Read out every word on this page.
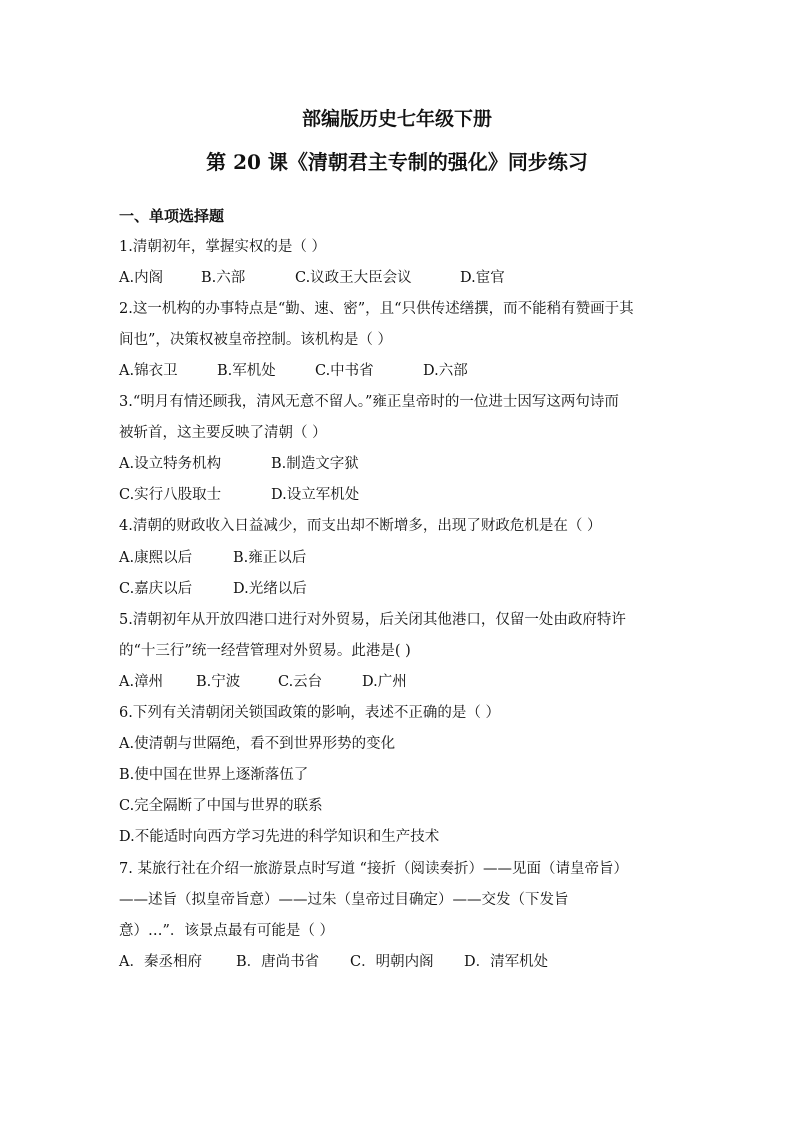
部编版历史七年级下册
第 20 课《清朝君主专制的强化》同步练习
一、单项选择题
1.清朝初年，掌握实权的是（ ）
A.内阁	B.六部	C.议政王大臣会议	D.宦官
2.这一机构的办事特点是“勤、速、密”，且“只供传述缮撰，而不能稍有赞画于其
间也”，决策权被皇帝控制。该机构是（ ）
A.锦衣卫	B.军机处	C.中书省	D.六部
3.“明月有情还顾我，清风无意不留人。”雍正皇帝时的一位进士因写这两句诗而
被斩首，这主要反映了清朝（ ）
A.设立特务机构	B.制造文字狱
C.实行八股取士	D.设立军机处
4.清朝的财政收入日益减少，而支出却不断增多，出现了财政危机是在（ ）
A.康熙以后	B.雍正以后
C.嘉庆以后	D.光绪以后
5.清朝初年从开放四港口进行对外贸易，后关闭其他港口，仅留一处由政府特许
的“十三行”统一经营管理对外贸易。此港是( )
A.漳州 B.宁波	C.云台	D.广州
6.下列有关清朝闭关锁国政策的影响，表述不正确的是（ ）
A.使清朝与世隔绝，看不到世界形势的变化
B.使中国在世界上逐渐落伍了
C.完全隔断了中国与世界的联系
D.不能适时向西方学习先进的科学知识和生产技术
7. 某旅行社在介绍一旅游景点时写道 “接折（阅读奏折）——见面（请皇帝旨）
——述旨（拟皇帝旨意）——过朱（皇帝过目确定）——交发（下发旨
意）…”．该景点最有可能是（ ）
A．秦丞相府 B．唐尚书省 C．明朝内阁 D．清军机处
